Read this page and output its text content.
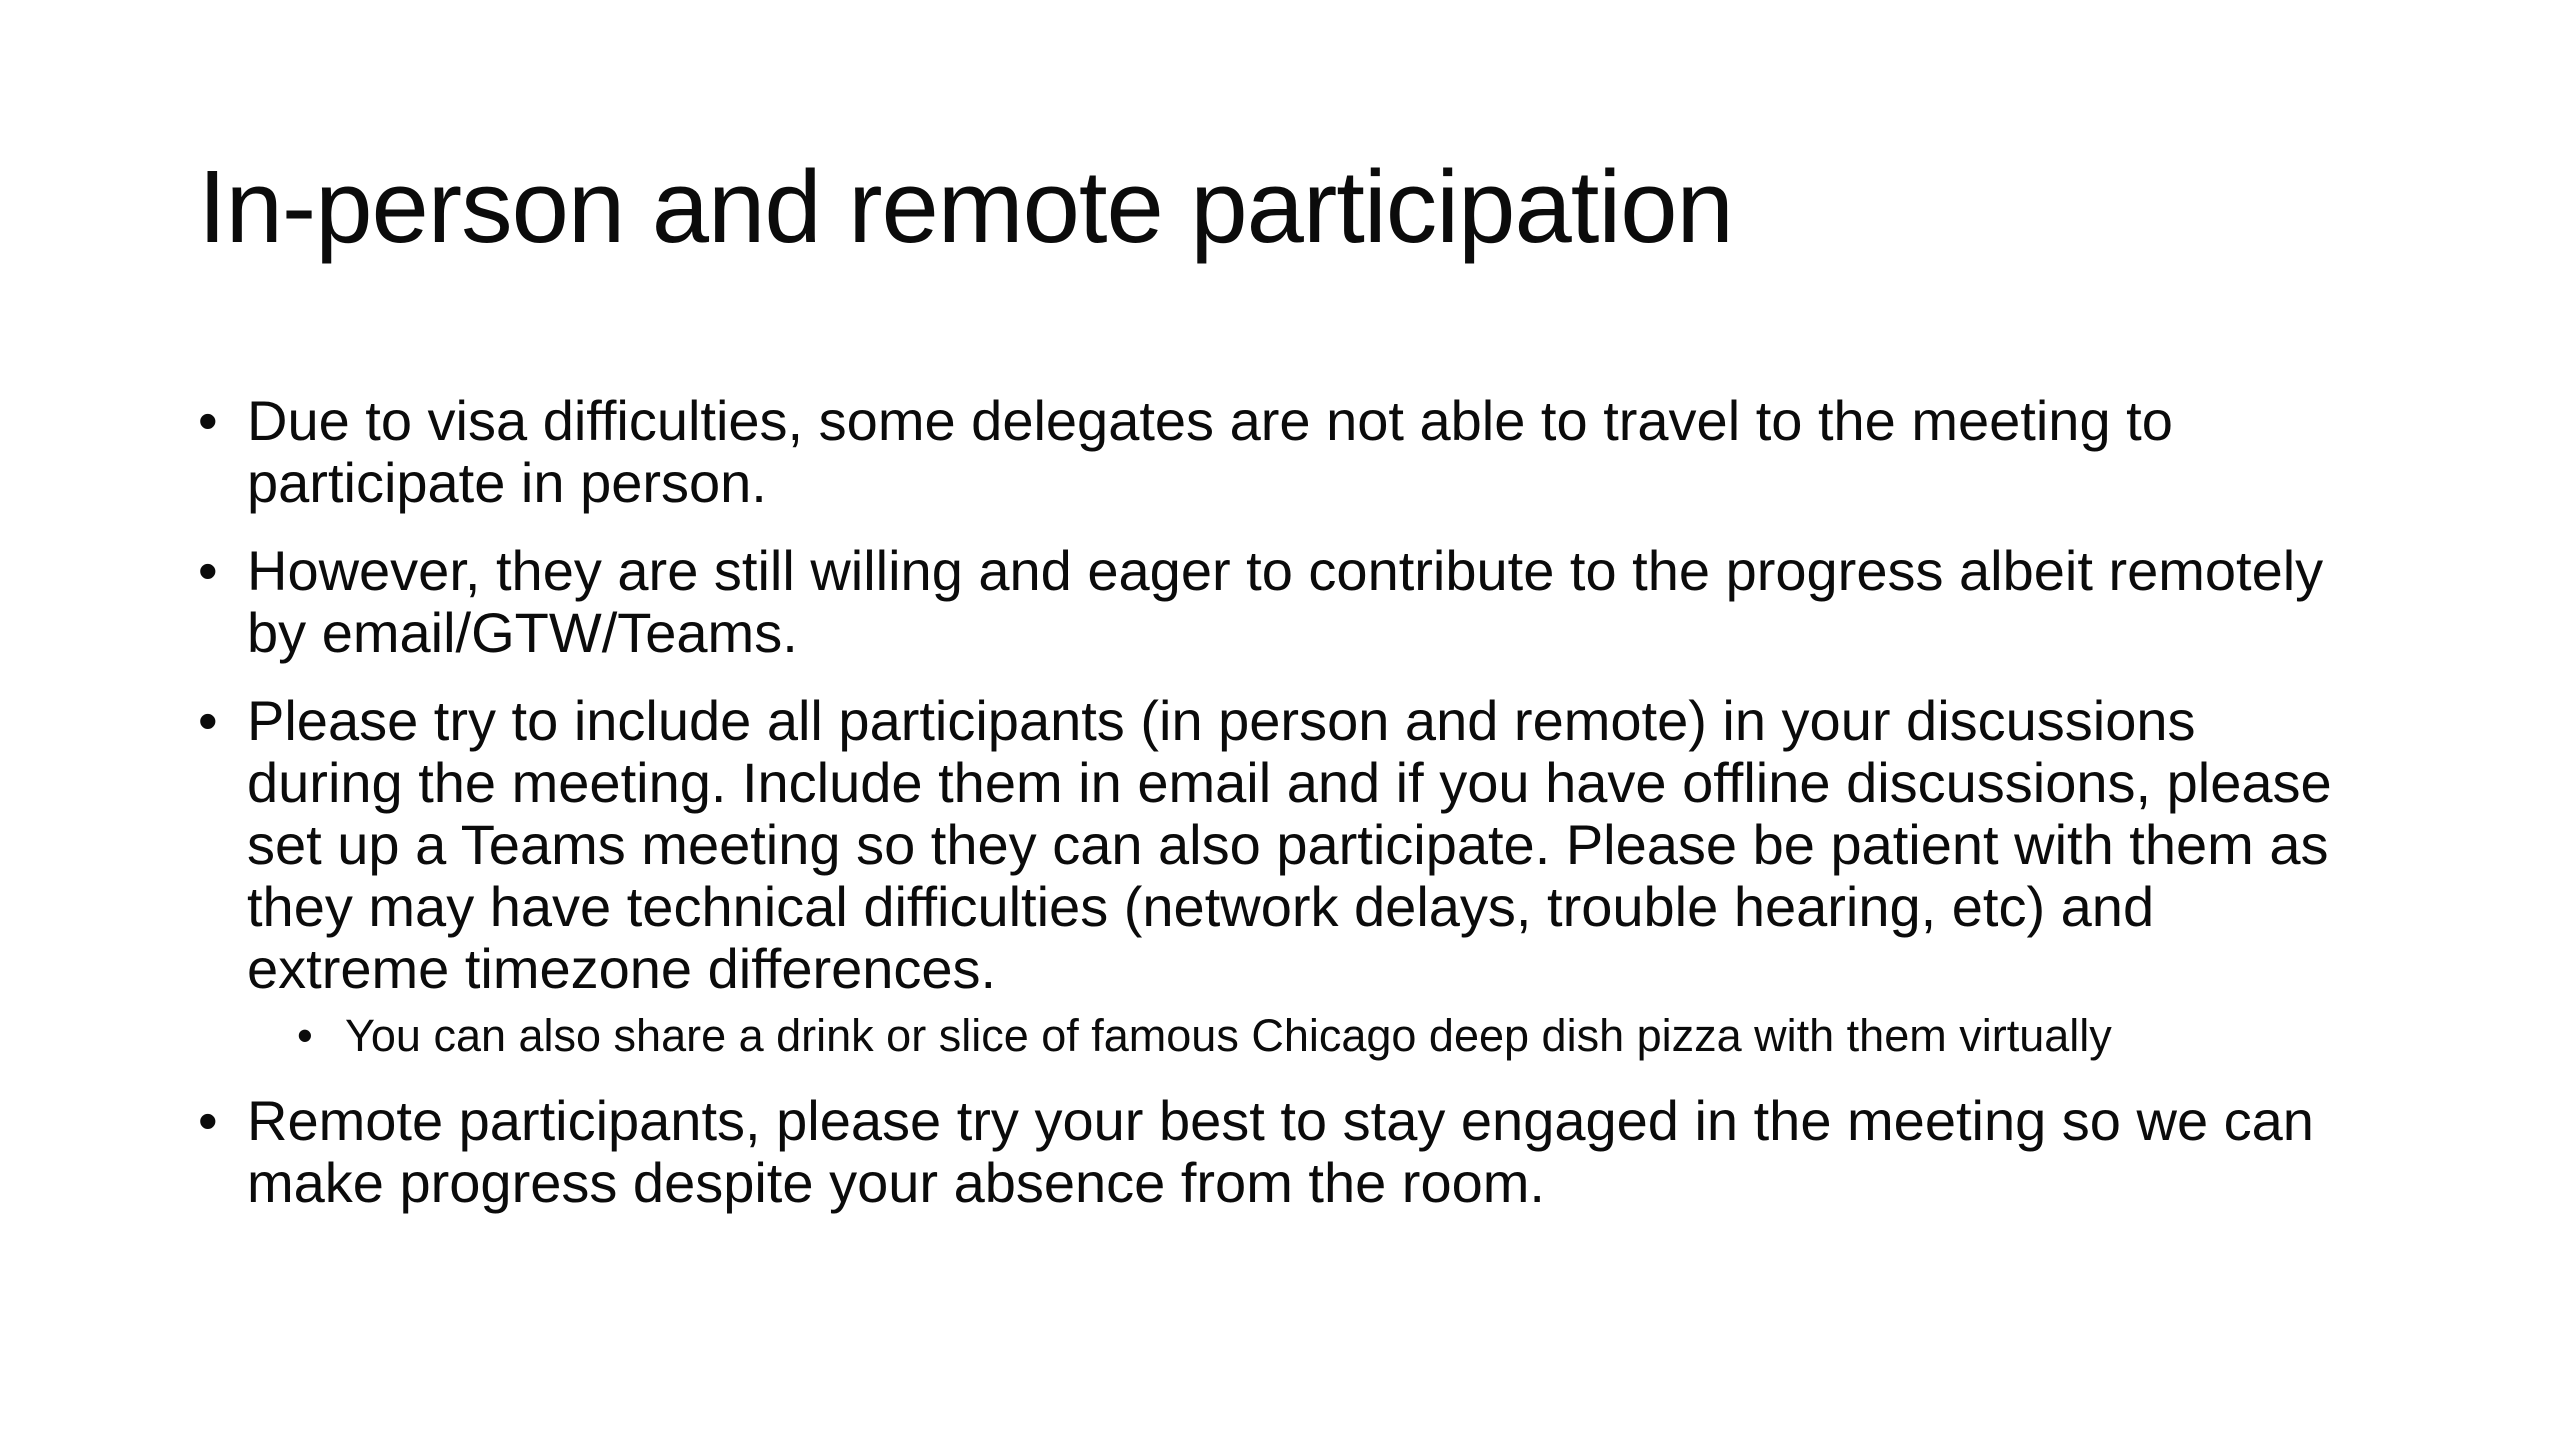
In-person and remote participation
• Due to visa difficulties, some delegates are not able to travel to the meeting to participate in person.
• However, they are still willing and eager to contribute to the progress albeit remotely by email/GTW/Teams.
• Please try to include all participants (in person and remote) in your discussions during the meeting. Include them in email and if you have offline discussions, please set up a Teams meeting so they can also participate. Please be patient with them as they may have technical difficulties (network delays, trouble hearing, etc) and extreme timezone differences.
• You can also share a drink or slice of famous Chicago deep dish pizza with them virtually
• Remote participants, please try your best to stay engaged in the meeting so we can make progress despite your absence from the room.
